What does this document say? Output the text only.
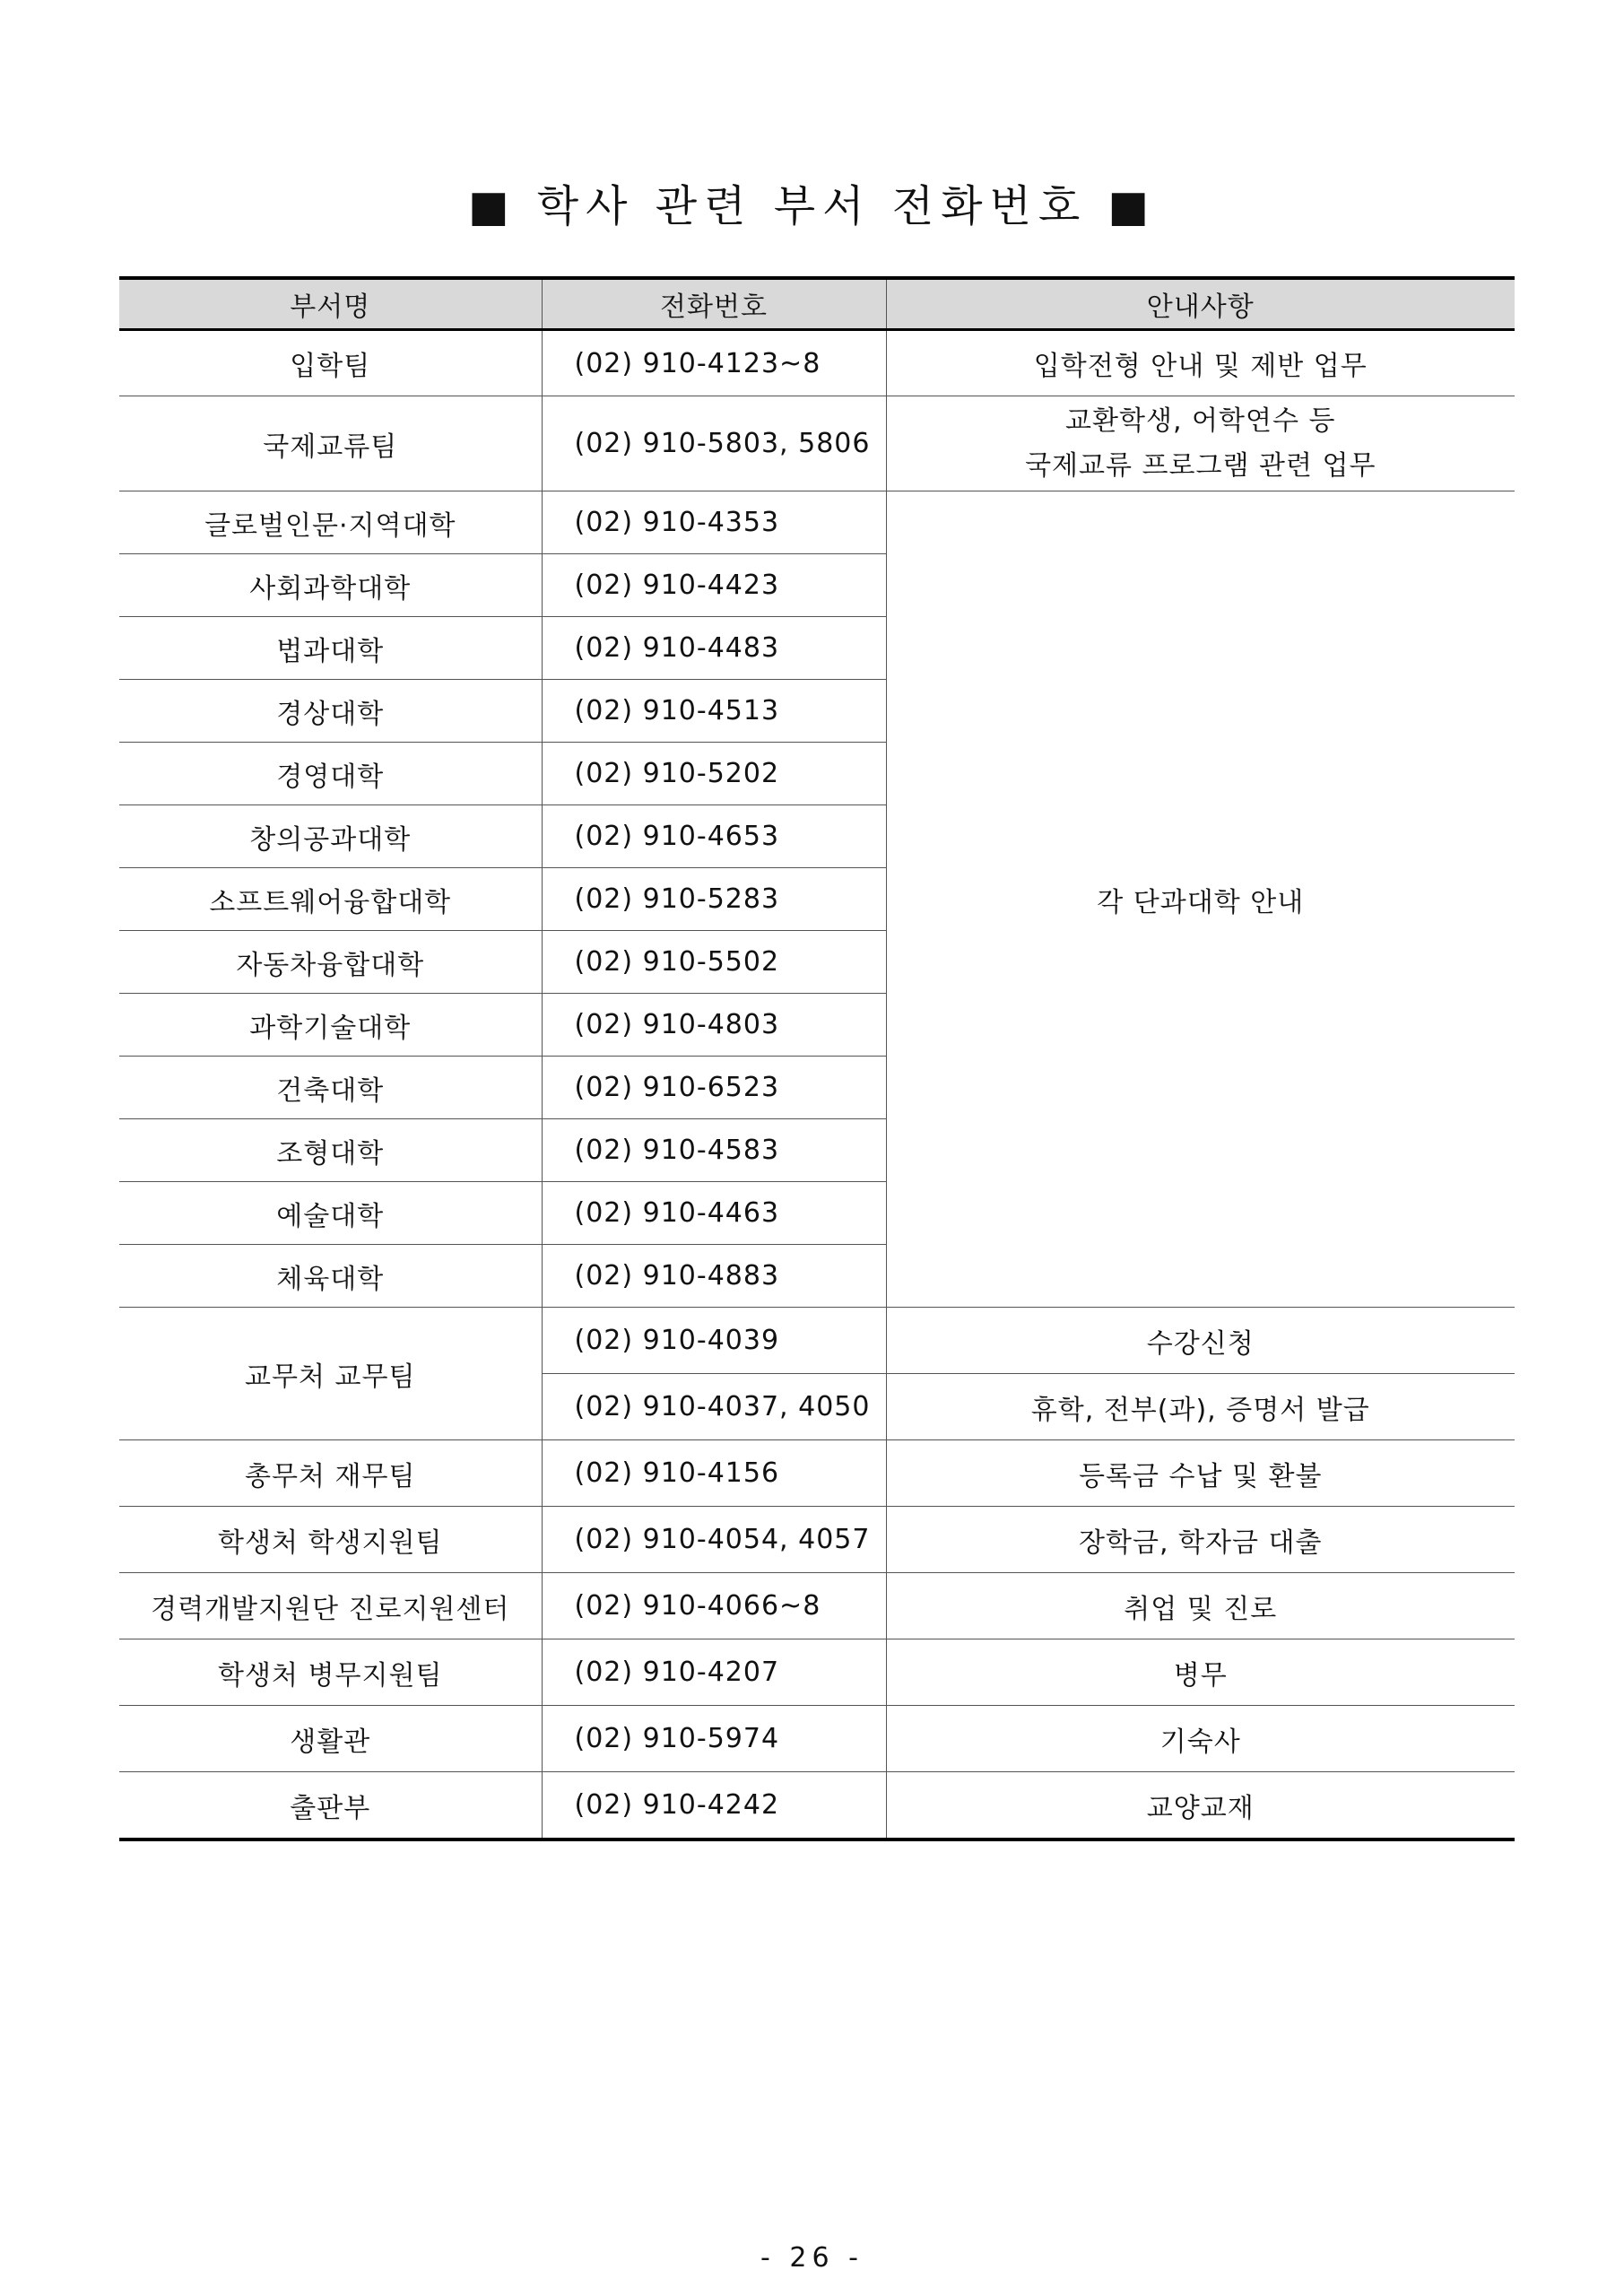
■ 학사 관련 부서 전화번호 ■
부서명	전화번호	안내사항
입학팀	(02) 910-4123~8	입학전형 안내 및 제반 업무
국제교류팀	(02) 910-5803, 5806	교환학생, 어학연수 등
국제교류 프로그램 관련 업무

글로벌인문·지역대학	(02) 910-4353	각 단과대학 안내
사회과학대학	(02) 910-4423	
법과대학	(02) 910-4483	
경상대학	(02) 910-4513	
경영대학	(02) 910-5202	
창의공과대학	(02) 910-4653	
소프트웨어융합대학	(02) 910-5283	
자동차융합대학	(02) 910-5502	
과학기술대학	(02) 910-4803	
건축대학	(02) 910-6523	
조형대학	(02) 910-4583	
예술대학	(02) 910-4463	
체육대학	(02) 910-4883	
교무처 교무팀	(02) 910-4039	수강신청
	(02) 910-4037, 4050	휴학, 전부(과), 증명서 발급
총무처 재무팀	(02) 910-4156	등록금 수납 및 환불
학생처 학생지원팀	(02) 910-4054, 4057	장학금, 학자금 대출
경력개발지원단 진로지원센터	(02) 910-4066~8	취업 및 진로
학생처 병무지원팀	(02) 910-4207	병무
생활관	(02) 910-5974	기숙사
출판부	(02) 910-4242	교양교재
- 26 -
